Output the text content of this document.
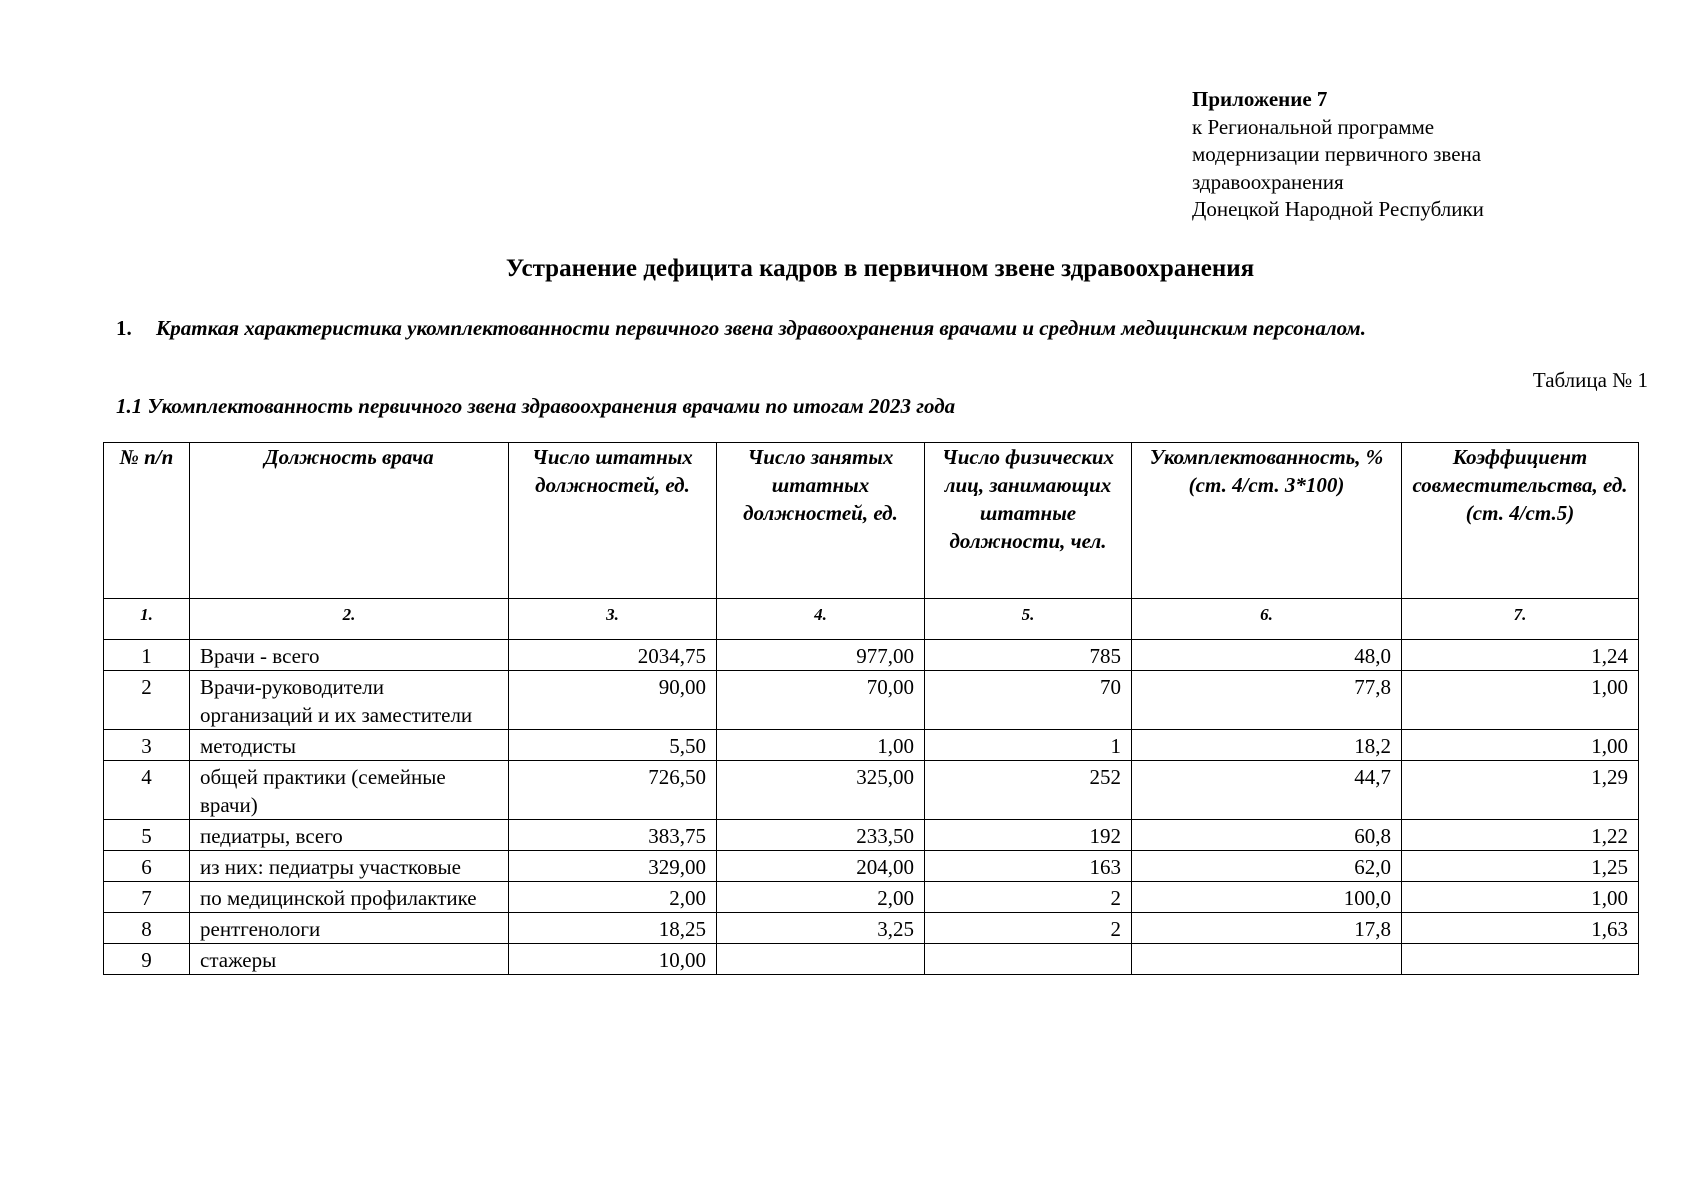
Приложение 7
к Региональной программе
модернизации первичного звена
здравоохранения
Донецкой Народной Республики
Устранение дефицита кадров в первичном звене здравоохранения
1. Краткая характеристика укомплектованности первичного звена здравоохранения врачами и средним медицинским персоналом.
Таблица № 1
1.1 Укомплектованность первичного звена здравоохранения врачами по итогам 2023 года
№ п/п	Должность врача	Число штатных должностей, ед.	Число занятых штатных должностей, ед.	Число физических лиц, занимающих штатные должности, чел.	Укомплектованность, % (ст. 4/ст. 3*100)	Коэффициент совместительства, ед. (ст. 4/ст.5)
1.	2.	3.	4.	5.	6.	7.
1	Врачи - всего	2034,75	977,00	785	48,0	1,24
2	Врачи-руководители организаций и их заместители	90,00	70,00	70	77,8	1,00
3	методисты	5,50	1,00	1	18,2	1,00
4	общей практики (семейные врачи)	726,50	325,00	252	44,7	1,29
5	педиатры, всего	383,75	233,50	192	60,8	1,22
6	из них: педиатры участковые	329,00	204,00	163	62,0	1,25
7	по медицинской профилактике	2,00	2,00	2	100,0	1,00
8	рентгенологи	18,25	3,25	2	17,8	1,63
9	стажеры	10,00				
